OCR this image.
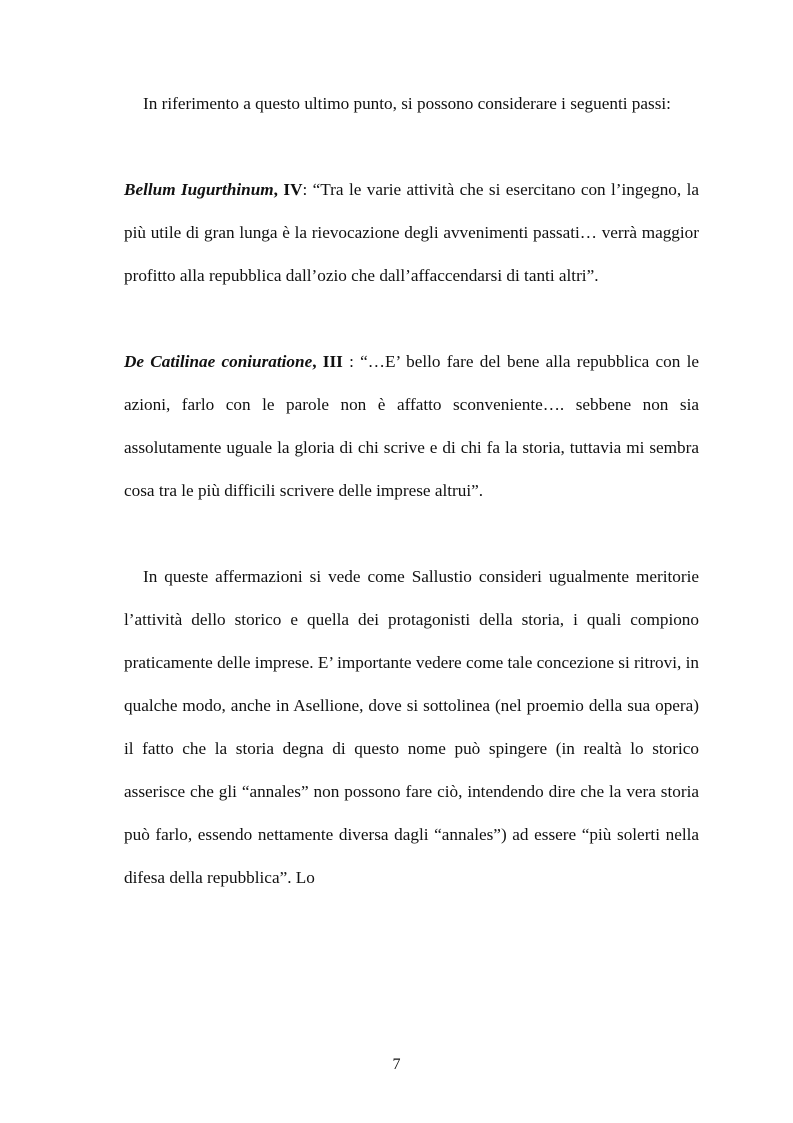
In riferimento a questo ultimo punto, si possono considerare i seguenti passi:

Bellum Iugurthinum, IV: “Tra le varie attività che si esercitano con l’ingegno, la più utile di gran lunga è la rievocazione degli avvenimenti passati… verrà maggior profitto alla repubblica dall’ozio che dall’affaccendarsi di tanti altri”.

De Catilinae coniuratione, III : “…E’ bello fare del bene alla repubblica con le azioni, farlo con le parole non è affatto sconveniente…. sebbene non sia assolutamente uguale la gloria di chi scrive e di chi fa la storia, tuttavia mi sembra cosa tra le più difficili scrivere delle imprese altrui”.

In queste affermazioni si vede come Sallustio consideri ugualmente meritorie l’attività dello storico e quella dei protagonisti della storia, i quali compiono praticamente delle imprese. E’ importante vedere come tale concezione si ritrovi, in qualche modo, anche in Asellione, dove si sottolinea (nel proemio della sua opera) il fatto che la storia degna di questo nome può spingere (in realtà lo storico asserisce che gli “annales” non possono fare ciò, intendendo dire che la vera storia può farlo, essendo nettamente diversa dagli “annales”) ad essere “più solerti nella difesa della repubblica”. Lo

7
